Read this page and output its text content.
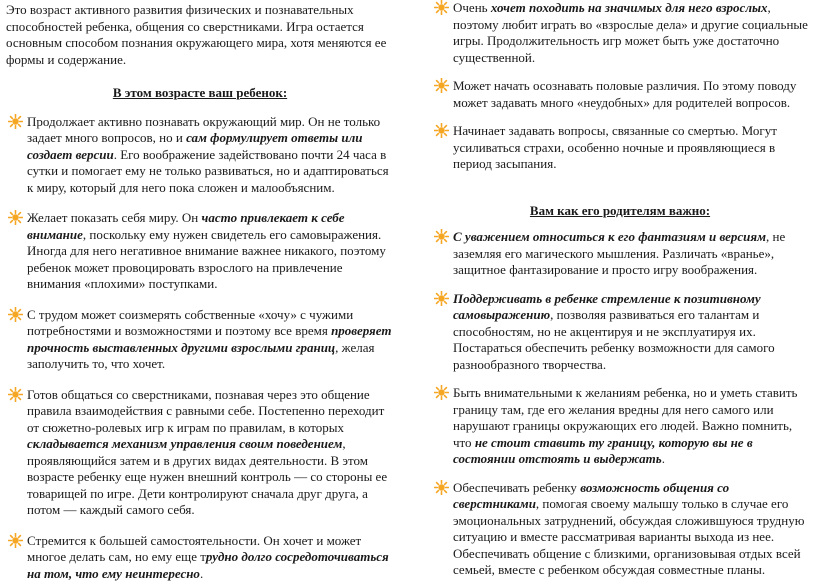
Это возраст активного развития физических и познавательных способностей ребенка, общения со сверстниками. Игра остается основным способом познания окружающего мира, хотя меняются ее формы и содержание.

В этом возрасте ваш ребенок:

Продолжает активно познавать окружающий мир. Он не только задает много вопросов, но и сам формулирует ответы или создает версии. Его воображение задействовано почти 24 часа в сутки и помогает ему не только развиваться, но и адаптироваться к миру, который для него пока сложен и малообъясним.
Желает показать себя миру. Он часто привлекает к себе внимание, поскольку ему нужен свидетель его самовыражения. Иногда для него негативное внимание важнее никакого, поэтому ребенок может провоцировать взрослого на привлечение внимания «плохими» поступками.
С трудом может соизмерять собственные «хочу» с чужими потребностями и возможностями и поэтому все время проверяет прочность выставленных другими взрослыми границ, желая заполучить то, что хочет.
Готов общаться со сверстниками, познавая через это общение правила взаимодействия с равными себе. Постепенно переходит от сюжетно-ролевых игр к играм по правилам, в которых складывается механизм управления своим поведением, проявляющийся затем и в других видах деятельности. В этом возрасте ребенку еще нужен внешний контроль — со стороны ее товарищей по игре. Дети контролируют сначала друг друга, а потом — каждый самого себя.
Стремится к большей самостоятельности. Он хочет и может многое делать сам, но ему еще трудно долго сосредоточиваться на том, что ему неинтересно.
Очень хочет походить на значимых для него взрослых, поэтому любит играть во «взрослые дела» и другие социальные игры. Продолжительность игр может быть уже достаточно существенной.
Может начать осознавать половые различия. По этому поводу может задавать много «неудобных» для родителей вопросов.
Начинает задавать вопросы, связанные со смертью. Могут усиливаться страхи, особенно ночные и проявляющиеся в период засыпания.

Вам как его родителям важно:

С уважением относиться к его фантазиям и версиям, не заземляя его магического мышления. Различать «вранье», защитное фантазирование и просто игру воображения.
Поддерживать в ребенке стремление к позитивному самовыражению, позволяя развиваться его талантам и способностям, но не акцентируя и не эксплуатируя их. Постараться обеспечить ребенку возможности для самого разнообразного творчества.
Быть внимательными к желаниям ребенка, но и уметь ставить границу там, где его желания вредны для него самого или нарушают границы окружающих его людей. Важно помнить, что не стоит ставить ту границу, которую вы не в состоянии отстоять и выдержать.
Обеспечивать ребенку возможность общения со сверстниками, помогая своему малышу только в случае его эмоциональных затруднений, обсуждая сложившуюся трудную ситуацию и вместе рассматривая варианты выхода из нее. Обеспечивать общение с близкими, организовывая отдых всей семьей, вместе с ребенком обсуждая совместные планы.
